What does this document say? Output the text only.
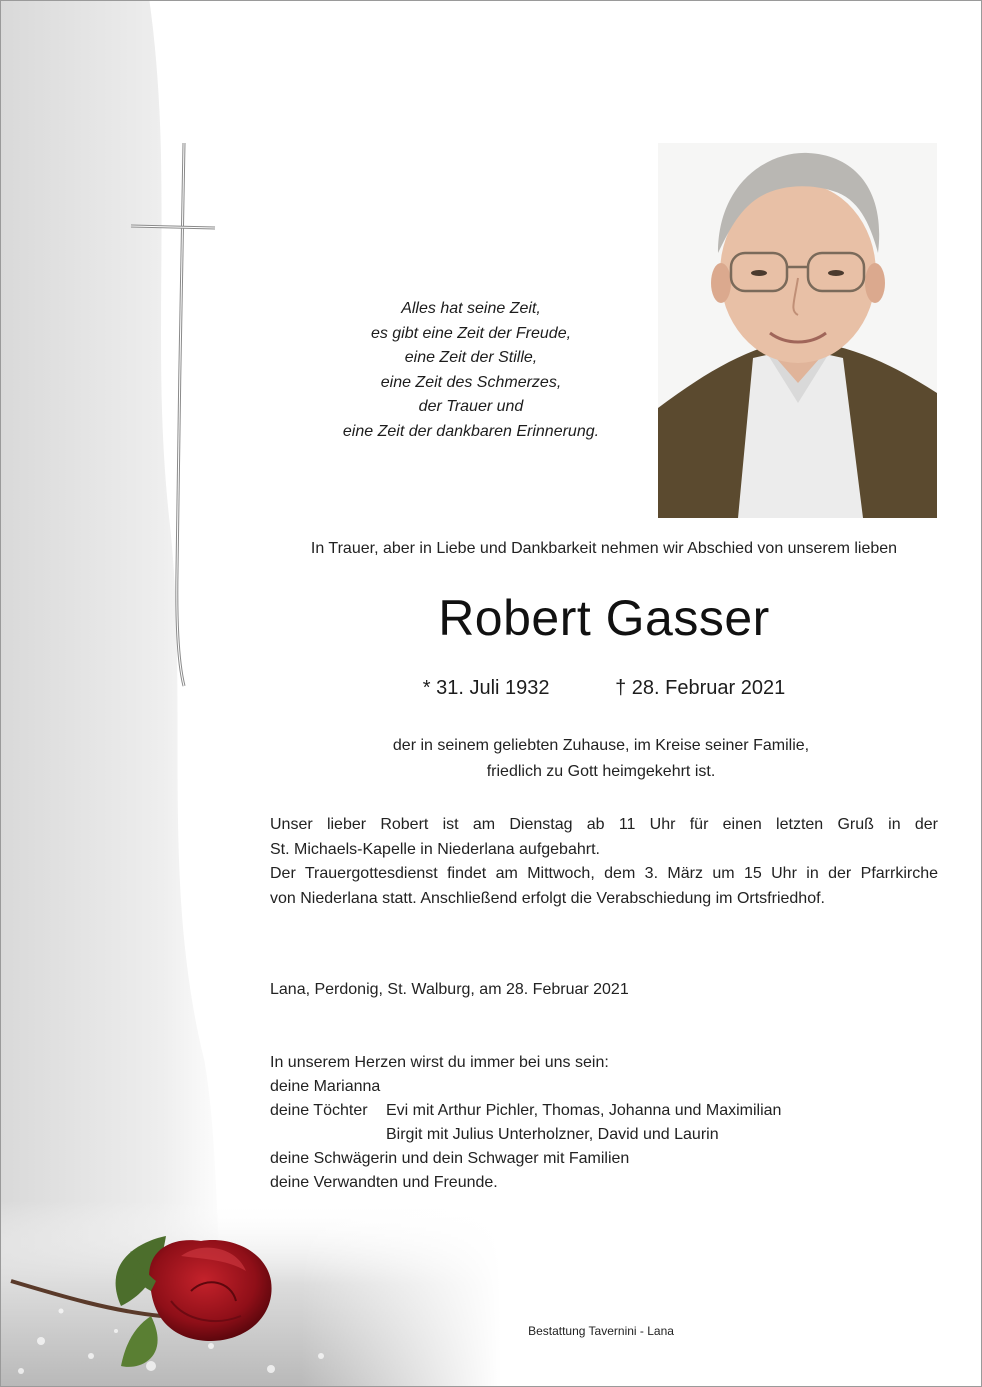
Alles hat seine Zeit,
es gibt eine Zeit der Freude,
eine Zeit der Stille,
eine Zeit des Schmerzes,
der Trauer und
eine Zeit der dankbaren Erinnerung.
In Trauer, aber in Liebe und Dankbarkeit nehmen wir Abschied von unserem lieben
Robert Gasser
* 31. Juli 1932	† 28. Februar 2021
der in seinem geliebten Zuhause, im Kreise seiner Familie,
friedlich zu Gott heimgekehrt ist.
Unser lieber Robert ist am Dienstag ab 11 Uhr für einen letzten Gruß in der
St. Michaels-Kapelle in Niederlana aufgebahrt.
Der Trauergottesdienst findet am Mittwoch, dem 3. März um 15 Uhr in der Pfarrkirche
von Niederlana statt. Anschließend erfolgt die Verabschiedung im Ortsfriedhof.
Lana, Perdonig, St. Walburg, am 28. Februar 2021
In unserem Herzen wirst du immer bei uns sein:
deine Marianna
deine Töchter Evi mit Arthur Pichler, Thomas, Johanna und Maximilian
Birgit mit Julius Unterholzner, David und Laurin
deine Schwägerin und dein Schwager mit Familien
deine Verwandten und Freunde.
Bestattung Tavernini - Lana
